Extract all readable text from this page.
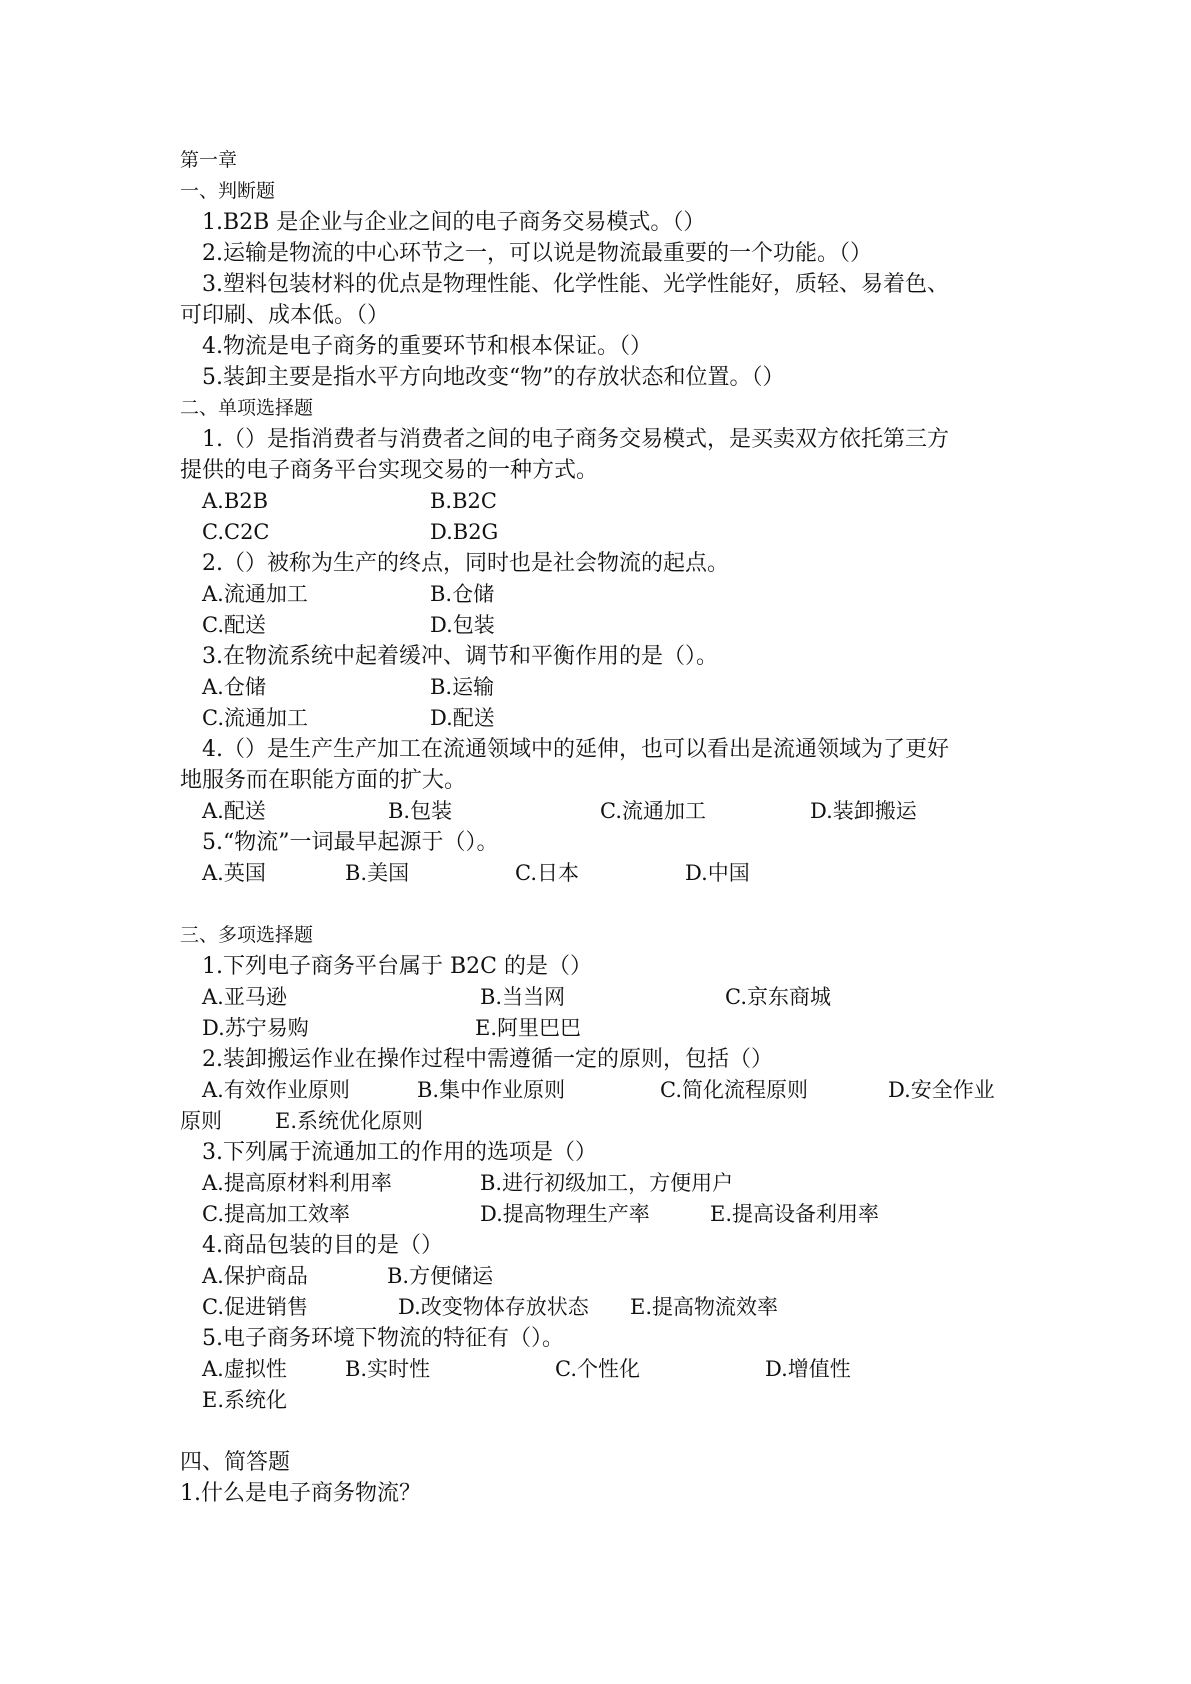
第一章
一、判断题
1.B2B 是企业与企业之间的电子商务交易模式。（）
2.运输是物流的中心环节之一，可以说是物流最重要的一个功能。（）
3.塑料包装材料的优点是物理性能、化学性能、光学性能好，质轻、易着色、
可印刷、成本低。（）
4.物流是电子商务的重要环节和根本保证。（）
5.装卸主要是指水平方向地改变“物”的存放状态和位置。（）
二、单项选择题
1.（）是指消费者与消费者之间的电子商务交易模式，是买卖双方依托第三方
提供的电子商务平台实现交易的一种方式。
A.B2B	B.B2C
C.C2C	D.B2G
2.（）被称为生产的终点，同时也是社会物流的起点。
A.流通加工	B.仓储
C.配送	D.包装
3.在物流系统中起着缓冲、调节和平衡作用的是（）。
A.仓储	B.运输
C.流通加工	D.配送
4.（）是生产生产加工在流通领域中的延伸，也可以看出是流通领域为了更好
地服务而在职能方面的扩大。
A.配送	B.包装	C.流通加工	D.装卸搬运
5.“物流”一词最早起源于（）。
A.英国	B.美国	C.日本	D.中国
三、多项选择题
1.下列电子商务平台属于 B2C 的是（）
A.亚马逊	B.当当网	C.京东商城
D.苏宁易购	E.阿里巴巴
2.装卸搬运作业在操作过程中需遵循一定的原则，包括（）
A.有效作业原则	B.集中作业原则	C.简化流程原则	D.安全作业
原则	E.系统优化原则
3.下列属于流通加工的作用的选项是（）
A.提高原材料利用率	B.进行初级加工，方便用户
C.提高加工效率	D.提高物理生产率	E.提高设备利用率
4.商品包装的目的是（）
A.保护商品	B.方便储运
C.促进销售	D.改变物体存放状态 E.提高物流效率
5.电子商务环境下物流的特征有（）。
A.虚拟性	B.实时性	C.个性化	D.增值性
E.系统化
四、简答题
1.什么是电子商务物流？
